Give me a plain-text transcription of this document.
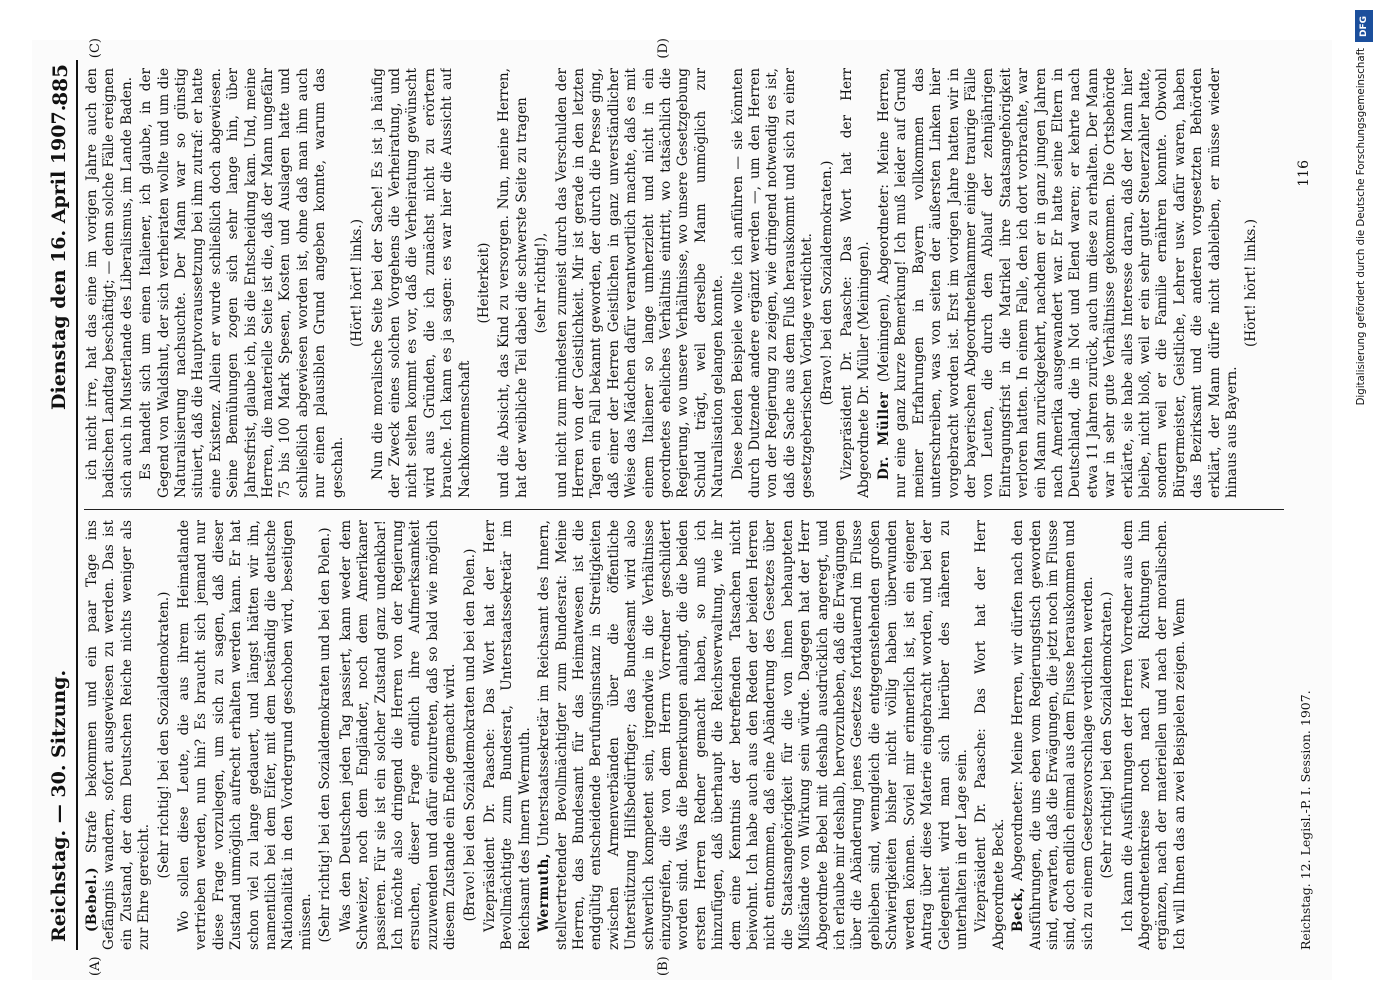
Reichstag. — 30. Sitzung.
Dienstag den 16. April 1907.
885
(A)	(B)
(C)	(D)

(Bebel.) Strafe bekommen und ein paar Tage ins Gefängnis wandern, sofort ausgewiesen zu werden. Das ist ein Zustand, der dem Deutschen Reiche nichts weniger als zur Ehre gereicht.

(Sehr richtig! bei den Sozialdemokraten.) Wo sollen diese Leute, die aus ihrem Heimatlande vertrieben werden, nun hin? Es braucht sich jemand nur diese Frage vorzulegen, um sich zu sagen, daß dieser Zustand unmöglich aufrecht erhalten werden kann. Er hat schon viel zu lange gedauert, und längst hätten wir ihn, namentlich bei dem Eifer, mit dem beständig die deutsche Nationalität in den Vordergrund geschoben wird, beseitigen müssen. (Sehr richtig! bei den Sozialdemokraten und bei den Polen.) Was den Deutschen jeden Tag passiert, kann weder dem Schweizer, noch dem Engländer, noch dem Amerikaner passieren. Für sie ist ein solcher Zustand ganz undenkbar! Ich möchte also dringend die Herren von der Regierung ersuchen, dieser Frage endlich ihre Aufmerksamkeit zuzuwenden und dafür einzutreten, daß so bald wie möglich diesem Zustande ein Ende gemacht wird. (Bravo! bei den Sozialdemokraten und bei den Polen.) Vizepräsident Dr. Paasche: Das Wort hat der Herr Bevollmächtigte zum Bundesrat, Unterstaatssekretär im Reichsamt des Innern Wermuth. Wermuth, Unterstaatssekretär im Reichsamt des Innern, stellvertretender Bevollmächtigter zum Bundesrat: Meine Herren, das Bundesamt für das Heimatwesen ist die endgültig entscheidende Berufungsinstanz in Streitigkeiten zwischen Armenverbänden über die öffentliche Unterstützung Hilfsbedürftiger; das Bundesamt wird also schwerlich kompetent sein, irgendwie in die Verhältnisse einzugreifen, die von dem Herrn Vorredner geschildert worden sind. Was die Bemerkungen anlangt, die die beiden ersten Herren Redner gemacht haben, so muß ich hinzufügen, daß überhaupt die Reichsverwaltung, wie ihr dem eine Kenntnis der betreffenden Tatsachen nicht beiwohnt. Ich habe auch aus den Reden der beiden Herren nicht entnommen, daß eine Abänderung des Gesetzes über die Staatsangehörigkeit für die von ihnen behaupteten Mißstände von Wirkung sein würde. Dagegen hat der Herr Abgeordnete Bebel mit deshalb ausdrücklich angeregt, und ich erlaube mir deshalb, hervorzuheben, daß die Erwägungen über die Abänderung jenes Gesetzes fortdauernd im Flusse geblieben sind, wenngleich die entgegenstehenden großen Schwierigkeiten bisher nicht völlig haben überwunden werden können. Soviel mir erinnerlich ist, ist ein eigener Antrag über diese Materie eingebracht worden, und bei der Gelegenheit wird man sich hierüber des näheren zu unterhalten in der Lage sein. Vizepräsident Dr. Paasche: Das Wort hat der Herr Abgeordnete Beck. Beck, Abgeordneter: Meine Herren, wir dürfen nach den Ausführungen, die uns eben vom Regierungstisch geworden sind, erwarten, daß die Erwägungen, die jetzt noch im Flusse sind, doch endlich einmal aus dem Flusse herauskommen und sich zu einem Gesetzesvorschlage verdichten werden. (Sehr richtig! bei den Sozialdemokraten.) Ich kann die Ausführungen der Herren Vorredner aus dem Abgeordnetenkreise noch nach zwei Richtungen hin ergänzen, nach der materiellen und nach der moralischen. Ich will Ihnen das an zwei Beispielen zeigen. Wenn

ich nicht irre, hat das eine im vorigen Jahre auch den badischen Landtag beschäftigt; — denn solche Fälle ereignen sich auch in Musterlande des Liberalismus, im Lande Baden. Es handelt sich um einen Italiener, ich glaube, in der Gegend von Waldshut, der sich verheiraten wollte und um die Naturalisierung nachsuchte. Der Mann war so günstig situiert, daß die Hauptvoraussetzung bei ihm zutraf: er hatte eine Existenz. Allein er wurde schließlich doch abgewiesen. Seine Bemühungen zogen sich sehr lange hin, über Jahresfrist, glaube ich, bis die Entscheidung kam. Und, meine Herren, die materielle Seite ist die, daß der Mann ungefähr 75 bis 100 Mark Spesen, Kosten und Auslagen hatte und schließlich abgewiesen worden ist, ohne daß man ihm auch nur einen plausiblen Grund angeben konnte, warum das geschah.

(Hört! hört! links.) Nun die moralische Seite bei der Sache! Es ist ja häufig der Zweck eines solchen Vorgehens die Verheiratung, und nicht selten kommt es vor, daß die Verheiratung gewünscht wird aus Gründen, die ich zunächst nicht zu erörtern brauche. Ich kann es ja sagen: es war hier die Aussicht auf Nachkommenschaft

(Heiterkeit) und die Absicht, das Kind zu versorgen. Nun, meine Herren, hat der weibliche Teil dabei die schwerste Seite zu tragen (sehr richtig!), und nicht zum mindesten zumeist durch das Verschulden der Herren von der Geistlichkeit. Mir ist gerade in den letzten Tagen ein Fall bekannt geworden, der durch die Presse ging, daß einer der Herren Geistlichen in ganz unverständlicher Weise das Mädchen dafür verantwortlich machte, daß es mit einem Italiener so lange umherzieht und nicht in ein geordnetes eheliches Verhältnis eintritt, wo tatsächlich die Regierung, wo unsere Verhältnisse, wo unsere Gesetzgebung Schuld trägt, weil derselbe Mann unmöglich zur Naturalisation gelangen konnte. Diese beiden Beispiele wollte ich anführen — sie könnten durch Dutzende andere ergänzt werden —, um den Herren von der Regierung zu zeigen, wie dringend notwendig es ist, daß die Sache aus dem Fluß herauskommt und sich zu einer gesetzgeberischen Vorlage verdichtet. (Bravo! bei den Sozialdemokraten.) Vizepräsident Dr. Paasche: Das Wort hat der Herr Abgeordnete Dr. Müller (Meiningen). Dr. Müller (Meiningen), Abgeordneter: Meine Herren, nur eine ganz kurze Bemerkung! Ich muß leider auf Grund meiner Erfahrungen in Bayern vollkommen das unterschreiben, was von seiten der äußersten Linken hier vorgebracht worden ist. Erst im vorigen Jahre hatten wir in der bayerischen Abgeordnetenkammer einige traurige Fälle von Leuten, die durch den Ablauf der zehnjährigen Eintragungsfrist in die Matrikel ihre Staatsangehörigkeit verloren hatten. In einem Falle, den ich dort vorbrachte, war ein Mann zurückgekehrt, nachdem er in ganz jungen Jahren nach Amerika ausgewandert war. Er hatte seine Eltern in Deutschland, die in Not und Elend waren; er kehrte nach etwa 11 Jahren zurück, auch um diese zu erhalten. Der Mann war in sehr gute Verhältnisse gekommen. Die Ortsbehörde erklärte, sie habe alles Interesse daran, daß der Mann hier bleibe, nicht bloß, weil er ein sehr guter Steuerzahler hatte, sondern weil er die Familie ernähren konnte. Obwohl Bürgermeister, Geistliche, Lehrer usw. dafür waren, haben das Bezirksamt und die anderen vorgesetzten Behörden erklärt, der Mann dürfe nicht dableiben, er müsse wieder hinaus aus Bayern.

(Hört! hört! links.)

Reichstag. 12. Legisl.-P. I. Session. 1907.
116
DFG
Digitalisierung gefördert durch die Deutsche Forschungsgemeinschaft
